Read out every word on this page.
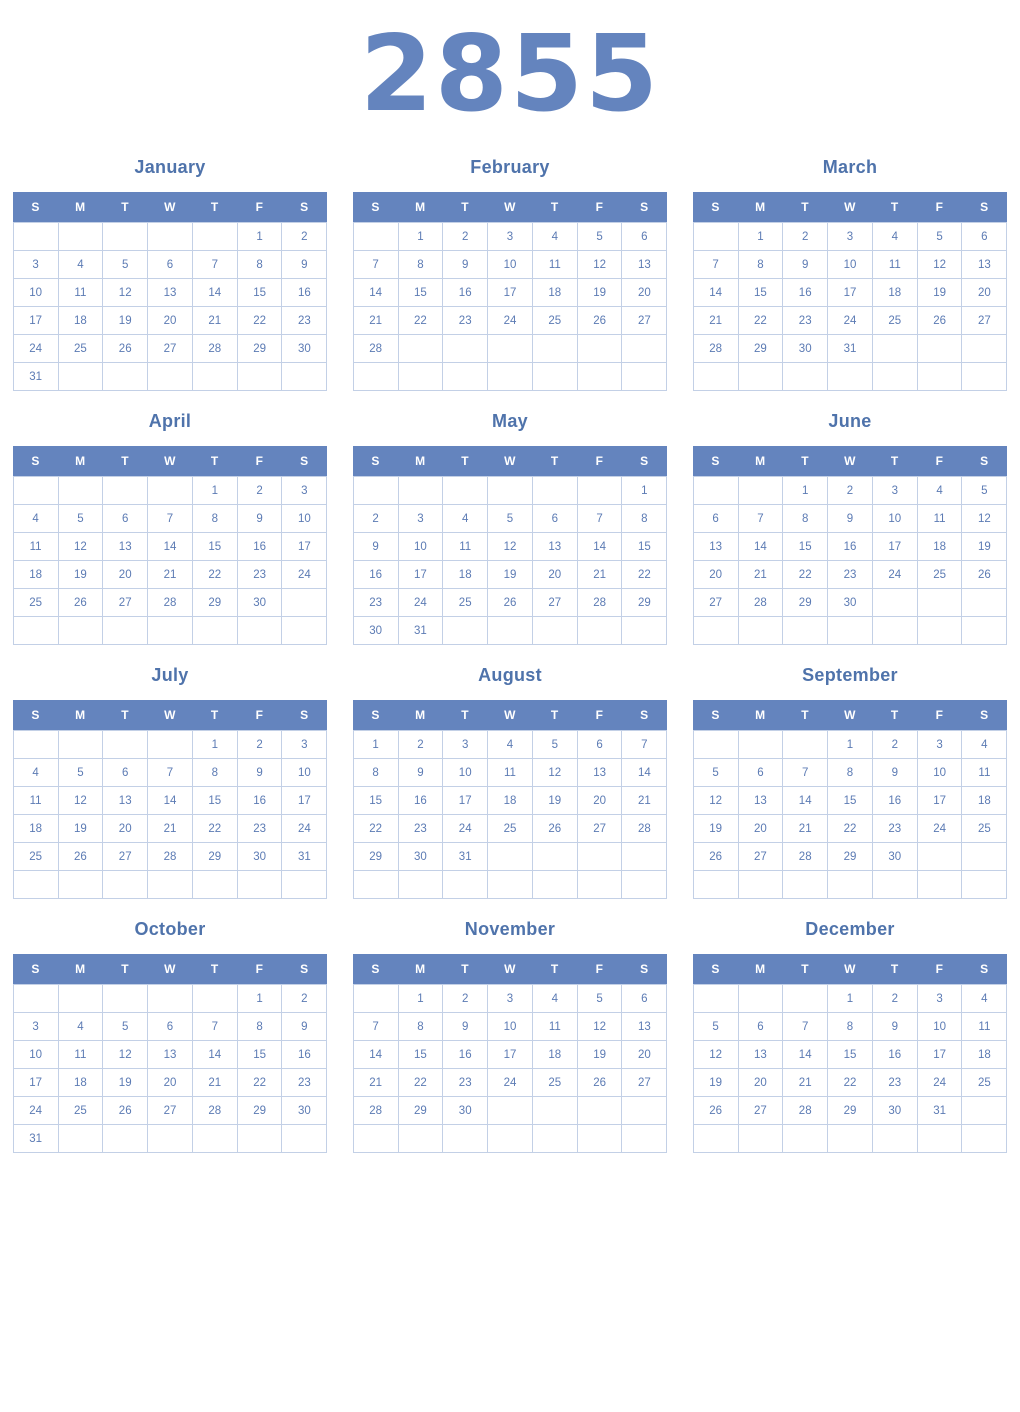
2855
January
S	M	T	W	T	F	S
					1	2
3	4	5	6	7	8	9
10	11	12	13	14	15	16
17	18	19	20	21	22	23
24	25	26	27	28	29	30
31						
February
S	M	T	W	T	F	S
	1	2	3	4	5	6
7	8	9	10	11	12	13
14	15	16	17	18	19	20
21	22	23	24	25	26	27
28						

March
S	M	T	W	T	F	S
	1	2	3	4	5	6
7	8	9	10	11	12	13
14	15	16	17	18	19	20
21	22	23	24	25	26	27
28	29	30	31			

April
S	M	T	W	T	F	S
				1	2	3
4	5	6	7	8	9	10
11	12	13	14	15	16	17
18	19	20	21	22	23	24
25	26	27	28	29	30	

May
S	M	T	W	T	F	S
						1
2	3	4	5	6	7	8
9	10	11	12	13	14	15
16	17	18	19	20	21	22
23	24	25	26	27	28	29
30	31					
June
S	M	T	W	T	F	S
		1	2	3	4	5
6	7	8	9	10	11	12
13	14	15	16	17	18	19
20	21	22	23	24	25	26
27	28	29	30			

July
S	M	T	W	T	F	S
				1	2	3
4	5	6	7	8	9	10
11	12	13	14	15	16	17
18	19	20	21	22	23	24
25	26	27	28	29	30	31

August
S	M	T	W	T	F	S
1	2	3	4	5	6	7
8	9	10	11	12	13	14
15	16	17	18	19	20	21
22	23	24	25	26	27	28
29	30	31				

September
S	M	T	W	T	F	S
			1	2	3	4
5	6	7	8	9	10	11
12	13	14	15	16	17	18
19	20	21	22	23	24	25
26	27	28	29	30		

October
S	M	T	W	T	F	S
					1	2
3	4	5	6	7	8	9
10	11	12	13	14	15	16
17	18	19	20	21	22	23
24	25	26	27	28	29	30
31						
November
S	M	T	W	T	F	S
	1	2	3	4	5	6
7	8	9	10	11	12	13
14	15	16	17	18	19	20
21	22	23	24	25	26	27
28	29	30				

December
S	M	T	W	T	F	S
			1	2	3	4
5	6	7	8	9	10	11
12	13	14	15	16	17	18
19	20	21	22	23	24	25
26	27	28	29	30	31	
